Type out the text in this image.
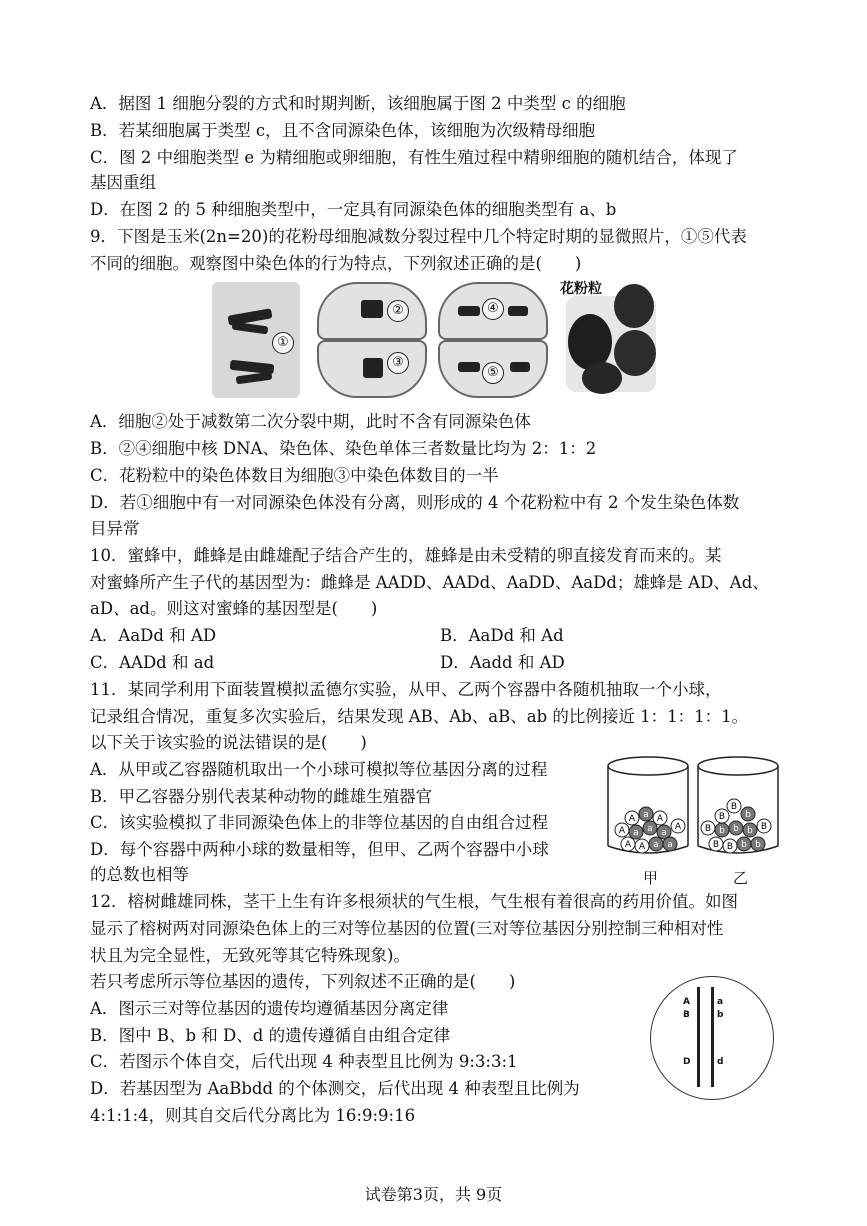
A．据图 1 细胞分裂的方式和时期判断，该细胞属于图 2 中类型 c 的细胞
B．若某细胞属于类型 c，且不含同源染色体，该细胞为次级精母细胞
C．图 2 中细胞类型 e 为精细胞或卵细胞，有性生殖过程中精卵细胞的随机结合，体现了
基因重组
D．在图 2 的 5 种细胞类型中，一定具有同源染色体的细胞类型有 a、b
9．下图是玉米(2n=20)的花粉母细胞减数分裂过程中几个特定时期的显微照片，①⑤代表
不同的细胞。观察图中染色体的行为特点，下列叙述正确的是(　　)
①
②
③
④
⑤
花粉粒
A．细胞②处于减数第二次分裂中期，此时不含有同源染色体
B．②④细胞中核 DNA、染色体、染色单体三者数量比均为 2：1：2
C．花粉粒中的染色体数目为细胞③中染色体数目的一半
D．若①细胞中有一对同源染色体没有分离，则形成的 4 个花粉粒中有 2 个发生染色体数
目异常
10．蜜蜂中，雌蜂是由雌雄配子结合产生的，雄蜂是由未受精的卵直接发育而来的。某
对蜜蜂所产生子代的基因型为：雌蜂是 AADD、AADd、AaDD、AaDd；雄蜂是 AD、Ad、
aD、ad。则这对蜜蜂的基因型是(　　)
A．AaDd 和 AD	B．AaDd 和 Ad
C．AADd 和 ad	D．Aadd 和 AD
11．某同学利用下面装置模拟孟德尔实验，从甲、乙两个容器中各随机抽取一个小球，
记录组合情况，重复多次实验后，结果发现 AB、Ab、aB、ab 的比例接近 1：1：1：1。
以下关于该实验的说法错误的是(　　)
A．从甲或乙容器随机取出一个小球可模拟等位基因分离的过程
B．甲乙容器分别代表某种动物的雌雄生殖器官
C．该实验模拟了非同源染色体上的非等位基因的自由组合过程
D．每个容器中两种小球的数量相等，但甲、乙两个容器中小球
的总数也相等
A a A
A a a a
A
A A a a
B
B b
B b b b B
B B b b
甲	乙
12．榕树雌雄同株，茎干上生有许多根须状的气生根，气生根有着很高的药用价值。如图
显示了榕树两对同源染色体上的三对等位基因的位置(三对等位基因分别控制三种相对性
状且为完全显性，无致死等其它特殊现象)。
若只考虑所示等位基因的遗传，下列叙述不正确的是(　　)
A．图示三对等位基因的遗传均遵循基因分离定律
B．图中 B、b 和 D、d 的遗传遵循自由组合定律
C．若图示个体自交，后代出现 4 种表型且比例为 9:3:3:1
D．若基因型为 AaBbdd 的个体测交，后代出现 4 种表型且比例为
4:1:1:4，则其自交后代分离比为 16:9:9:16
A	a
B	b
D	d
试卷第3页，共 9页
